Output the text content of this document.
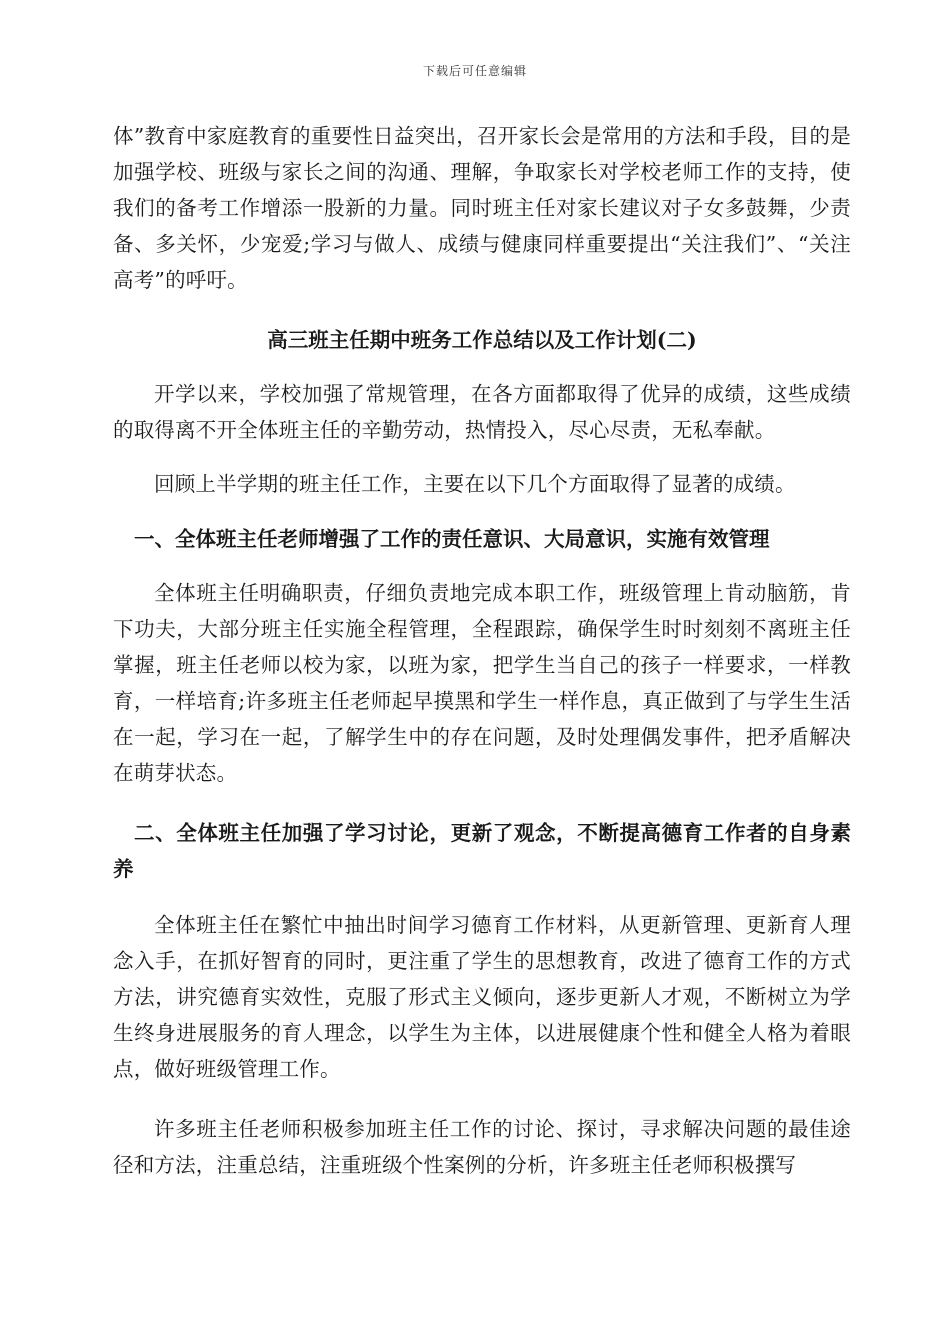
下载后可任意编辑

体”教育中家庭教育的重要性日益突出，召开家长会是常用的方法和手段，目的是加强学校、班级与家长之间的沟通、理解，争取家长对学校老师工作的支持，使我们的备考工作增添一股新的力量。同时班主任对家长建议对子女多鼓舞，少责备、多关怀，少宠爱;学习与做人、成绩与健康同样重要提出“关注我们”、“关注高考”的呼吁。

高三班主任期中班务工作总结以及工作计划(二)

开学以来，学校加强了常规管理，在各方面都取得了优异的成绩，这些成绩的取得离不开全体班主任的辛勤劳动，热情投入，尽心尽责，无私奉献。

回顾上半学期的班主任工作，主要在以下几个方面取得了显著的成绩。

一、全体班主任老师增强了工作的责任意识、大局意识，实施有效管理

全体班主任明确职责，仔细负责地完成本职工作，班级管理上肯动脑筋，肯下功夫，大部分班主任实施全程管理，全程跟踪，确保学生时时刻刻不离班主任掌握，班主任老师以校为家，以班为家，把学生当自己的孩子一样要求，一样教育，一样培育;许多班主任老师起早摸黑和学生一样作息，真正做到了与学生生活在一起，学习在一起，了解学生中的存在问题，及时处理偶发事件，把矛盾解决在萌芽状态。

二、全体班主任加强了学习讨论，更新了观念，不断提高德育工作者的自身素养

全体班主任在繁忙中抽出时间学习德育工作材料，从更新管理、更新育人理念入手，在抓好智育的同时，更注重了学生的思想教育，改进了德育工作的方式方法，讲究德育实效性，克服了形式主义倾向，逐步更新人才观，不断树立为学生终身进展服务的育人理念，以学生为主体，以进展健康个性和健全人格为着眼点，做好班级管理工作。

许多班主任老师积极参加班主任工作的讨论、探讨，寻求解决问题的最佳途径和方法，注重总结，注重班级个性案例的分析，许多班主任老师积极撰写
